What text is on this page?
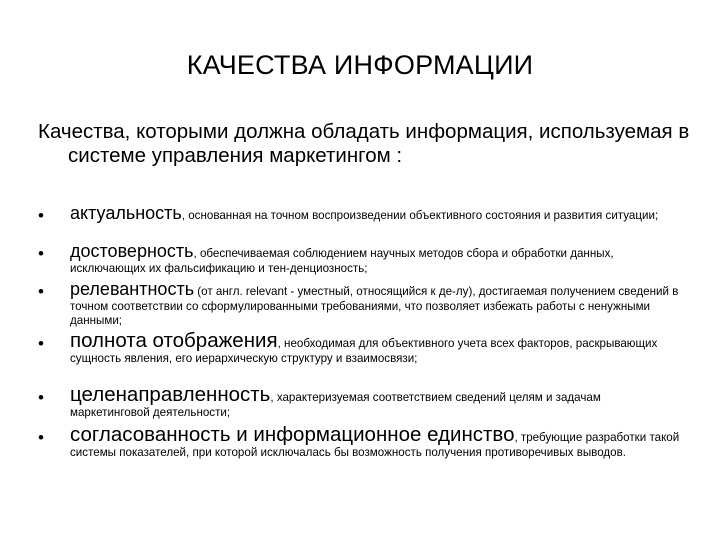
КАЧЕСТВА ИНФОРМАЦИИ
Качества, которыми должна обладать информация, используемая в системе управления маркетингом :
• актуальность, основанная на точном воспроизведении объективного состояния и развития ситуации;
• достоверность, обеспечиваемая соблюдением научных методов сбора и обработки данных, исключающих их фальсификацию и тен-денциозность;
• релевантность (от англ. relevant - уместный, относящийся к де-лу), достигаемая получением сведений в точном соответствии со сформулированными требованиями, что позволяет избежать работы с ненужными данными;
• полнота отображения, необходимая для объективного учета всех факторов, раскрывающих сущность явления, его иерархическую структуру и взаимосвязи;
• целенаправленность, характеризуемая соответствием сведений целям и задачам маркетинговой деятельности;
• согласованность и информационное единство, требующие разработки такой системы показателей, при которой исключалась бы возможность получения противоречивых выводов.
